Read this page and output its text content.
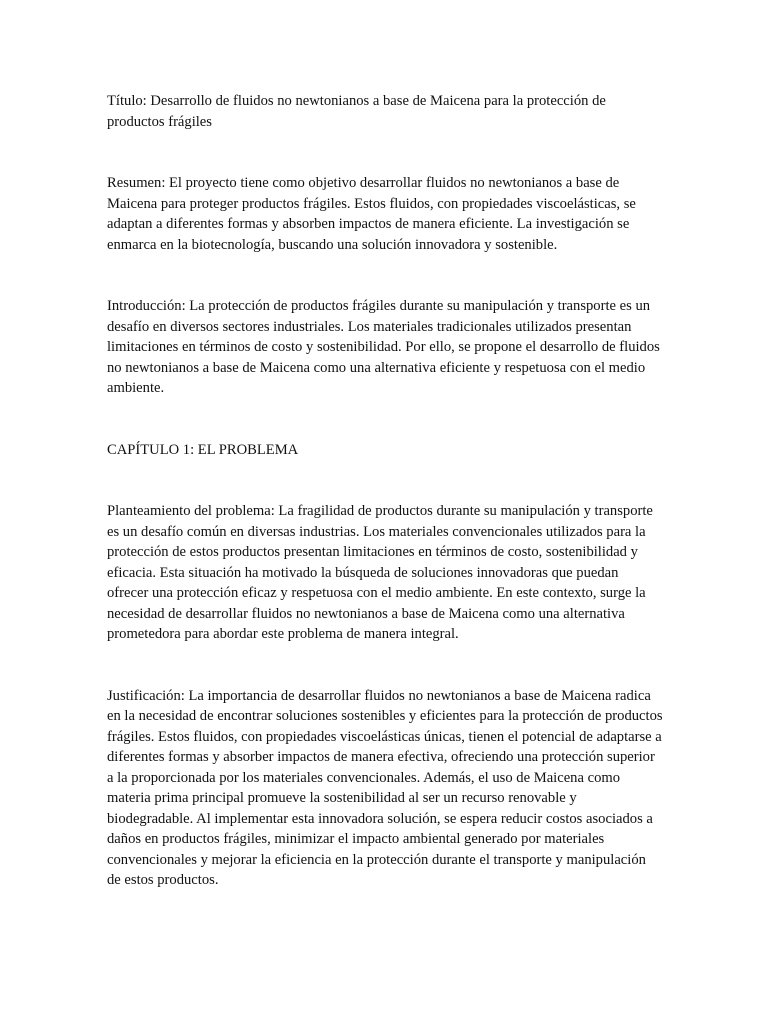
Título: Desarrollo de fluidos no newtonianos a base de Maicena para la protección de productos frágiles

Resumen: El proyecto tiene como objetivo desarrollar fluidos no newtonianos a base de Maicena para proteger productos frágiles. Estos fluidos, con propiedades viscoelásticas, se adaptan a diferentes formas y absorben impactos de manera eficiente. La investigación se enmarca en la biotecnología, buscando una solución innovadora y sostenible.

Introducción: La protección de productos frágiles durante su manipulación y transporte es un desafío en diversos sectores industriales. Los materiales tradicionales utilizados presentan limitaciones en términos de costo y sostenibilidad. Por ello, se propone el desarrollo de fluidos no newtonianos a base de Maicena como una alternativa eficiente y respetuosa con el medio ambiente.

CAPÍTULO 1: EL PROBLEMA

Planteamiento del problema: La fragilidad de productos durante su manipulación y transporte es un desafío común en diversas industrias. Los materiales convencionales utilizados para la protección de estos productos presentan limitaciones en términos de costo, sostenibilidad y eficacia. Esta situación ha motivado la búsqueda de soluciones innovadoras que puedan ofrecer una protección eficaz y respetuosa con el medio ambiente. En este contexto, surge la necesidad de desarrollar fluidos no newtonianos a base de Maicena como una alternativa prometedora para abordar este problema de manera integral.

Justificación: La importancia de desarrollar fluidos no newtonianos a base de Maicena radica en la necesidad de encontrar soluciones sostenibles y eficientes para la protección de productos frágiles. Estos fluidos, con propiedades viscoelásticas únicas, tienen el potencial de adaptarse a diferentes formas y absorber impactos de manera efectiva, ofreciendo una protección superior a la proporcionada por los materiales convencionales. Además, el uso de Maicena como materia prima principal promueve la sostenibilidad al ser un recurso renovable y biodegradable. Al implementar esta innovadora solución, se espera reducir costos asociados a daños en productos frágiles, minimizar el impacto ambiental generado por materiales convencionales y mejorar la eficiencia en la protección durante el transporte y manipulación de estos productos.
